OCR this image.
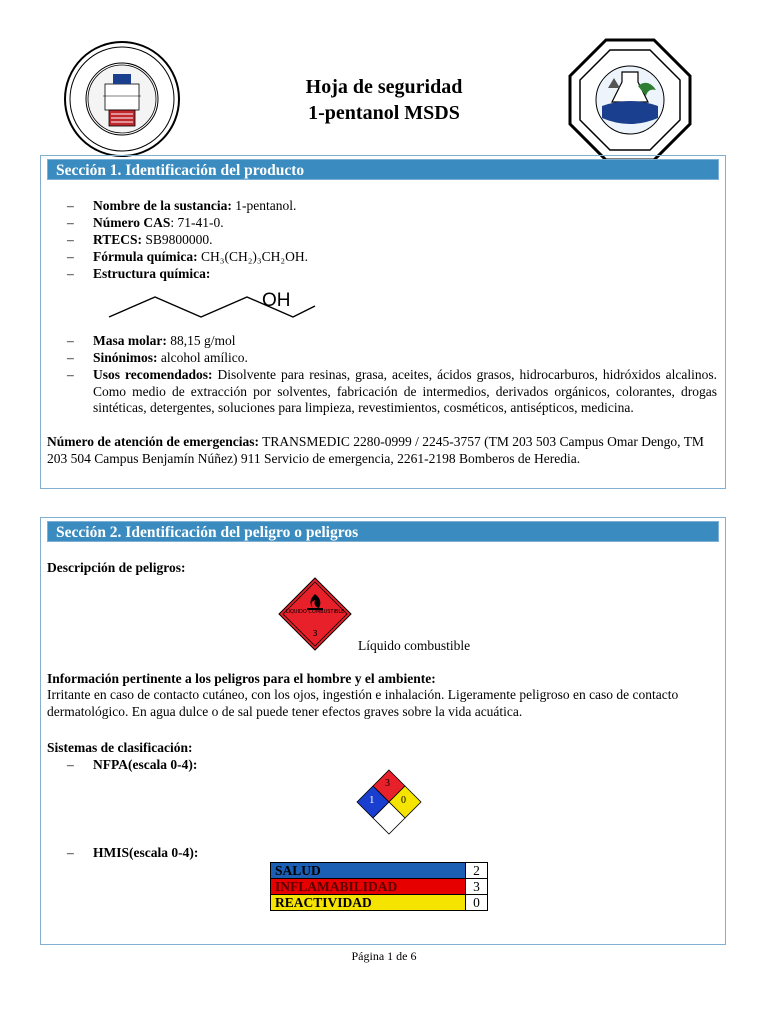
Hoja de seguridad
1-pentanol MSDS
Sección 1. Identificación del producto
– Nombre de la sustancia: 1-pentanol.
– Número CAS: 71-41-0.
– RTECS: SB9800000.
– Fórmula química: CH₃(CH₂)₃CH₂OH.
– Estructura química:
OH
– Masa molar: 88,15 g/mol
– Sinónimos: alcohol amílico.
– Usos recomendados: Disolvente para resinas, grasa, aceites, ácidos grasos, hidrocarburos, hidróxidos alcalinos. Como medio de extracción por solventes, fabricación de intermedios, derivados orgánicos, colorantes, drogas sintéticas, detergentes, soluciones para limpieza, revestimientos, cosméticos, antisépticos, medicina.
Número de atención de emergencias: TRANSMEDIC 2280-0999 / 2245-3757 (TM 203 503 Campus Omar Dengo, TM 203 504 Campus Benjamín Núñez) 911 Servicio de emergencia, 2261-2198 Bomberos de Heredia.
Sección 2. Identificación del peligro o peligros
Descripción de peligros:
LIQUIDO COMBUSTIBLE
3
Líquido combustible
Información pertinente a los peligros para el hombre y el ambiente:
Irritante en caso de contacto cutáneo, con los ojos, ingestión e inhalación. Ligeramente peligroso en caso de contacto dermatológico. En agua dulce o de sal puede tener efectos graves sobre la vida acuática.
Sistemas de clasificación:
– NFPA(escala 0-4):
3
1	0
– HMIS(escala 0-4):
SALUD	2
INFLAMABILIDAD	3
REACTIVIDAD	0
Página 1 de 6
